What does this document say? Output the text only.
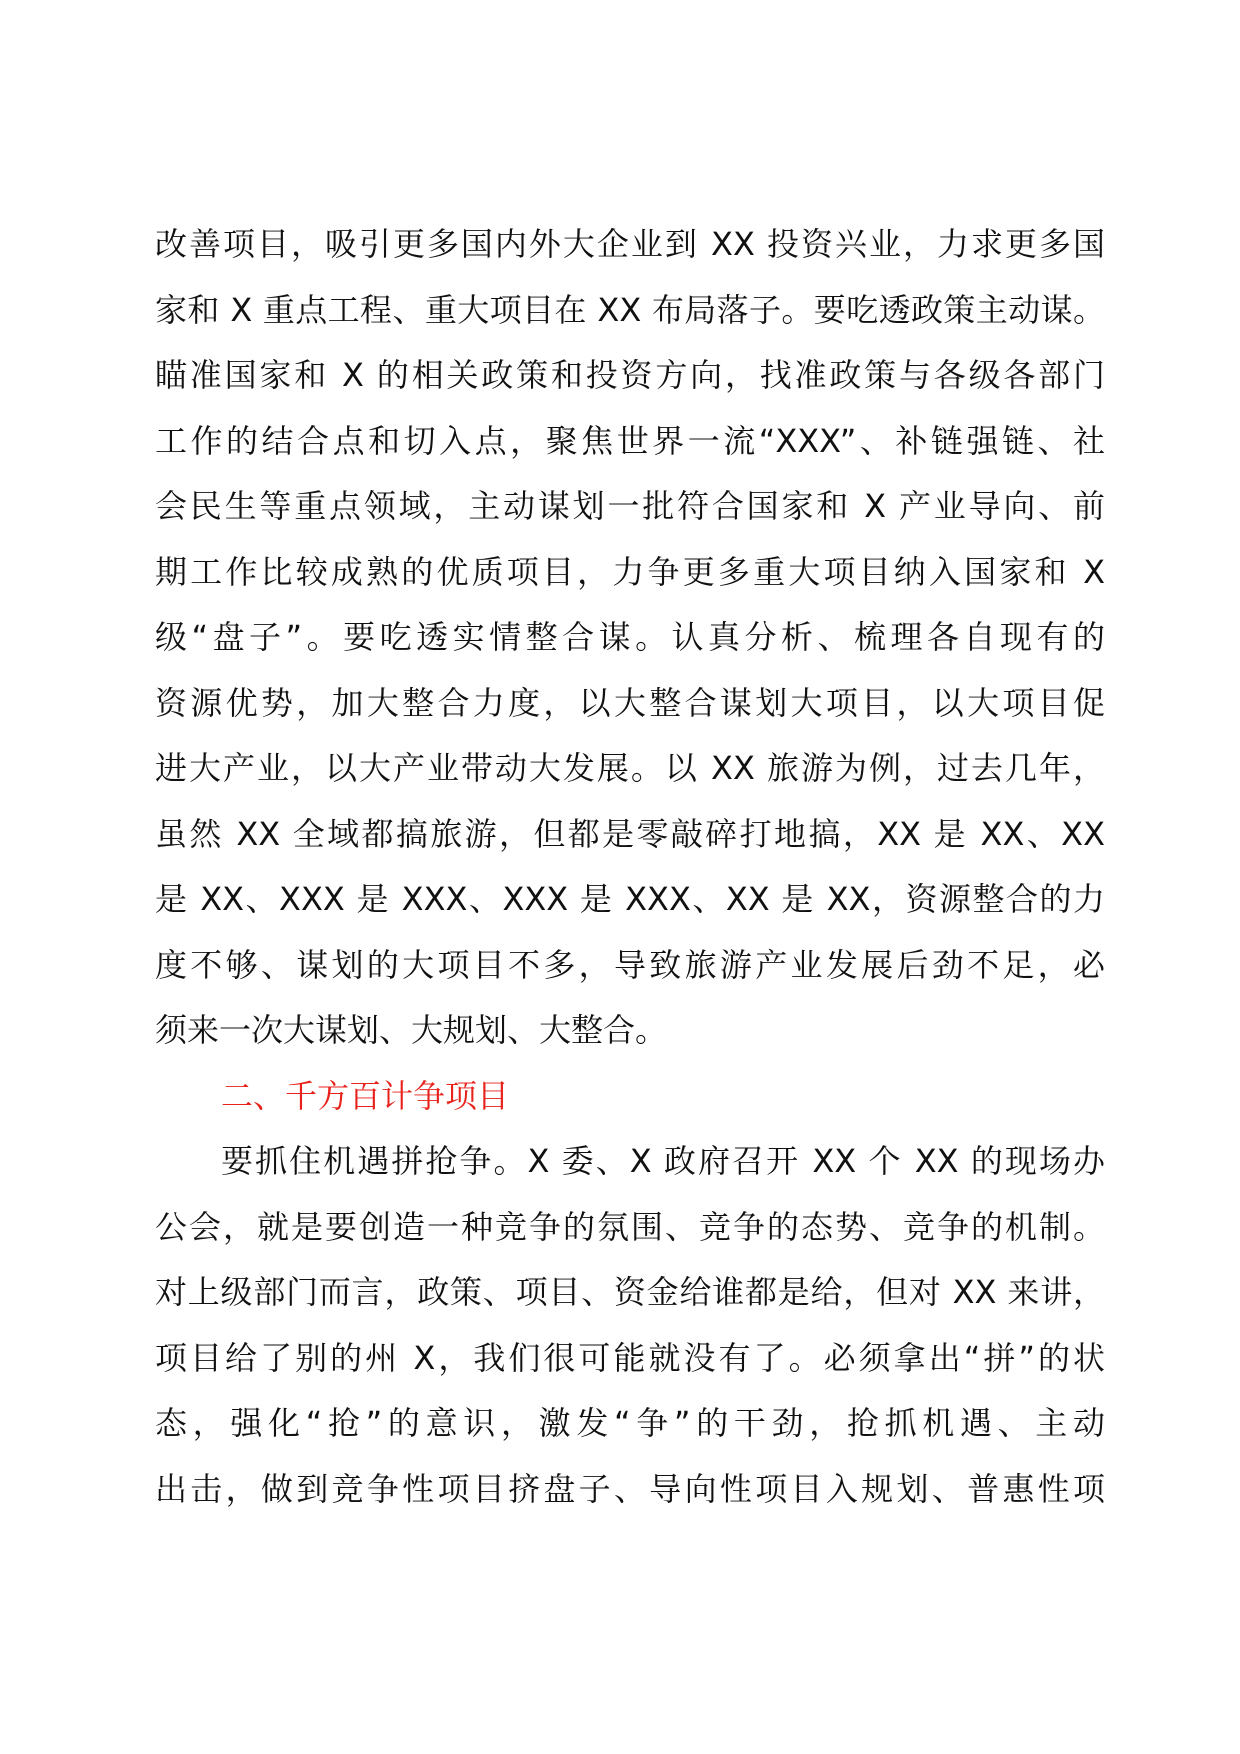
改善项目，吸引更多国内外大企业到 XX 投资兴业，力求更多国
家和 X 重点工程、重大项目在 XX 布局落子。要吃透政策主动谋。
瞄准国家和 X 的相关政策和投资方向，找准政策与各级各部门
工作的结合点和切入点，聚焦世界一流“XXX”、补链强链、社
会民生等重点领域，主动谋划一批符合国家和 X 产业导向、前
期工作比较成熟的优质项目，力争更多重大项目纳入国家和 X
级“盘子”。要吃透实情整合谋。认真分析、梳理各自现有的
资源优势，加大整合力度，以大整合谋划大项目，以大项目促
进大产业，以大产业带动大发展。以 XX 旅游为例，过去几年，
虽然 XX 全域都搞旅游，但都是零敲碎打地搞，XX 是 XX、XX
是 XX、XXX 是 XXX、XXX 是 XXX、XX 是 XX，资源整合的力
度不够、谋划的大项目不多，导致旅游产业发展后劲不足，必
须来一次大谋划、大规划、大整合。
二、千方百计争项目
要抓住机遇拼抢争。X 委、X 政府召开 XX 个 XX 的现场办
公会，就是要创造一种竞争的氛围、竞争的态势、竞争的机制。
对上级部门而言，政策、项目、资金给谁都是给，但对 XX 来讲，
项目给了别的州 X，我们很可能就没有了。必须拿出“拼”的状
态，强化“抢”的意识，激发“争”的干劲，抢抓机遇、主动
出击，做到竞争性项目挤盘子、导向性项目入规划、普惠性项
